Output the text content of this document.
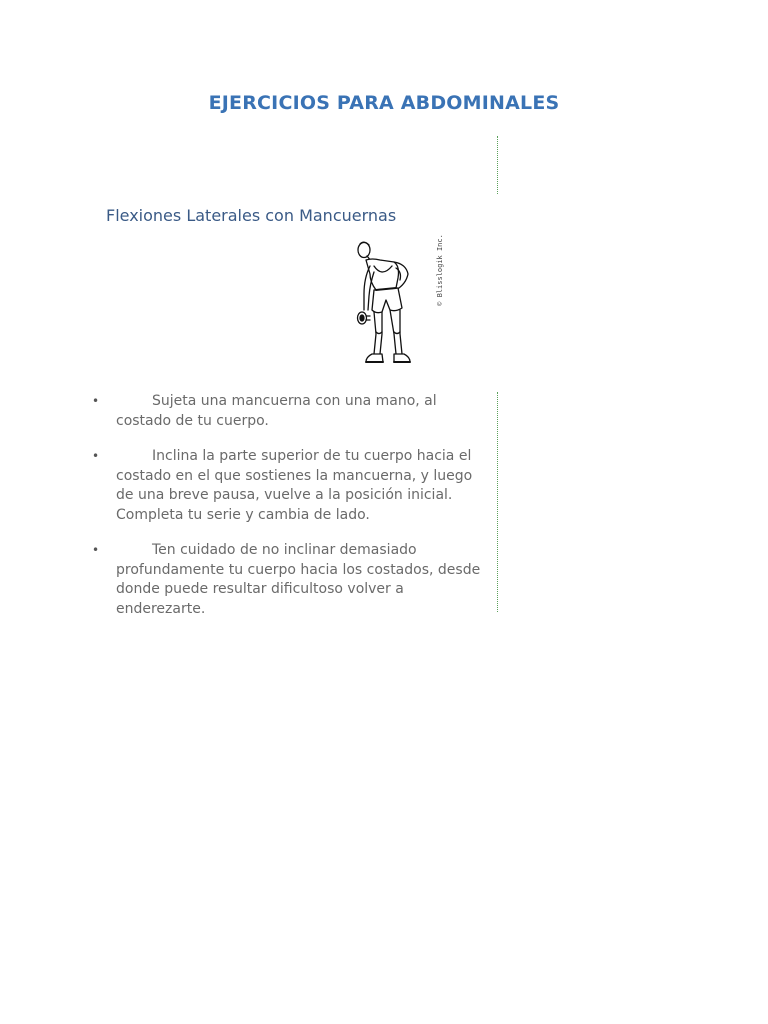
EJERCICIOS PARA ABDOMINALES
Flexiones Laterales con Mancuernas
© Blisslogik Inc.
•	Sujeta una mancuerna con una mano, al costado de tu cuerpo.
•	Inclina la parte superior de tu cuerpo hacia el costado en el que sostienes la mancuerna, y luego de una breve pausa, vuelve a la posición inicial. Completa tu serie y cambia de lado.
•	Ten cuidado de no inclinar demasiado profundamente tu cuerpo hacia los costados, desde donde puede resultar dificultoso volver a enderezarte.
